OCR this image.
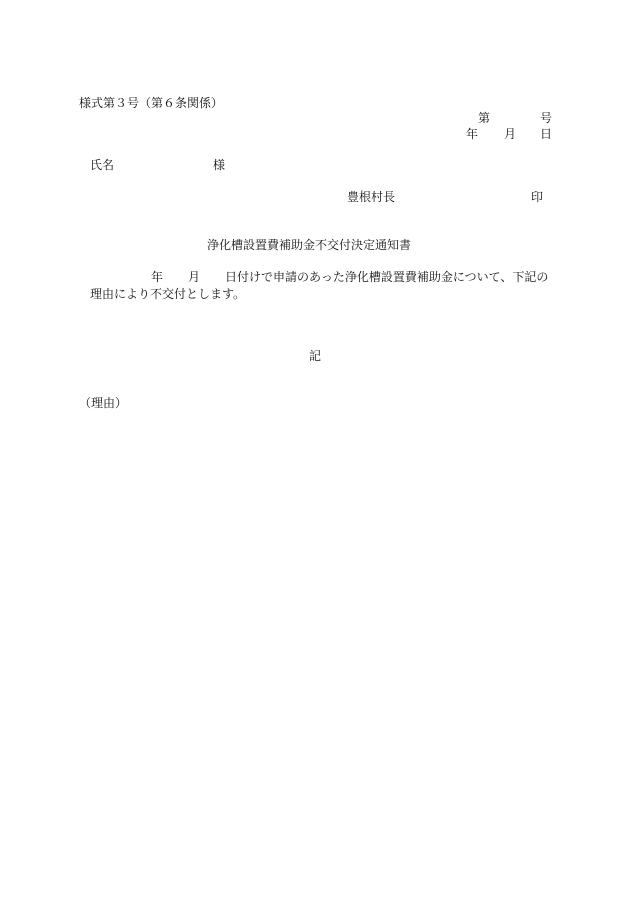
様式第３号（第６条関係）
第	号
年 月 日
氏名	様
豊根村長	印
浄化槽設置費補助金不交付決定通知書
年 月 日付けで申請のあった浄化槽設置費補助金について、下記の
理由により不交付とします。
記
（理由）
